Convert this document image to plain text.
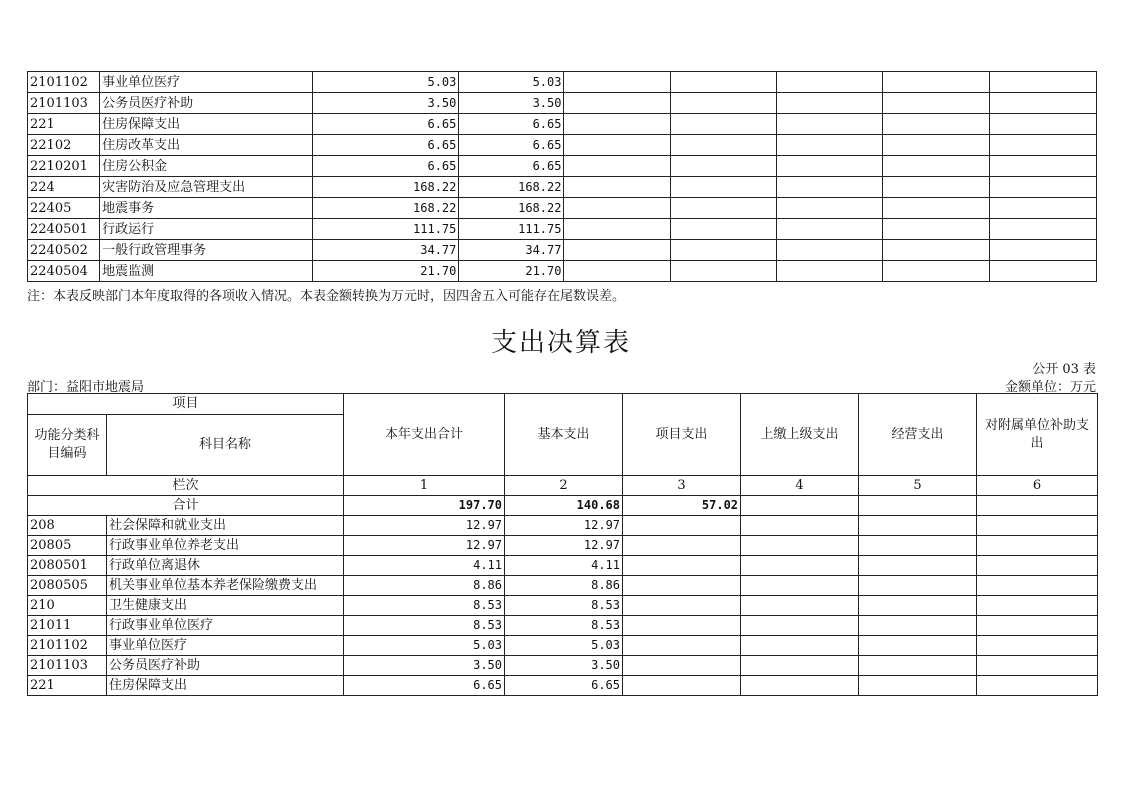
2101102	事业单位医疗	5.03	5.03					
2101103	公务员医疗补助	3.50	3.50					
221	住房保障支出	6.65	6.65					
22102	住房改革支出	6.65	6.65					
2210201	住房公积金	6.65	6.65					
224	灾害防治及应急管理支出	168.22	168.22					
22405	地震事务	168.22	168.22					
2240501	行政运行	111.75	111.75					
2240502	一般行政管理事务	34.77	34.77					
2240504	地震监测	21.70	21.70					
注：本表反映部门本年度取得的各项收入情况。本表金额转换为万元时，因四舍五入可能存在尾数误差。
支出决算表
公开 03 表
部门：益阳市地震局	金额单位：万元
项目		本年支出合计	基本支出	项目支出	上缴上级支出	经营支出	对附属单位补助支出
功能分类科目编码	科目名称						
栏次		1	2	3	4	5	6
合计		197.70	140.68	57.02			
208	社会保障和就业支出	12.97	12.97				
20805	行政事业单位养老支出	12.97	12.97				
2080501	行政单位离退休	4.11	4.11				
2080505	机关事业单位基本养老保险缴费支出	8.86	8.86				
210	卫生健康支出	8.53	8.53				
21011	行政事业单位医疗	8.53	8.53				
2101102	事业单位医疗	5.03	5.03				
2101103	公务员医疗补助	3.50	3.50				
221	住房保障支出	6.65	6.65				
